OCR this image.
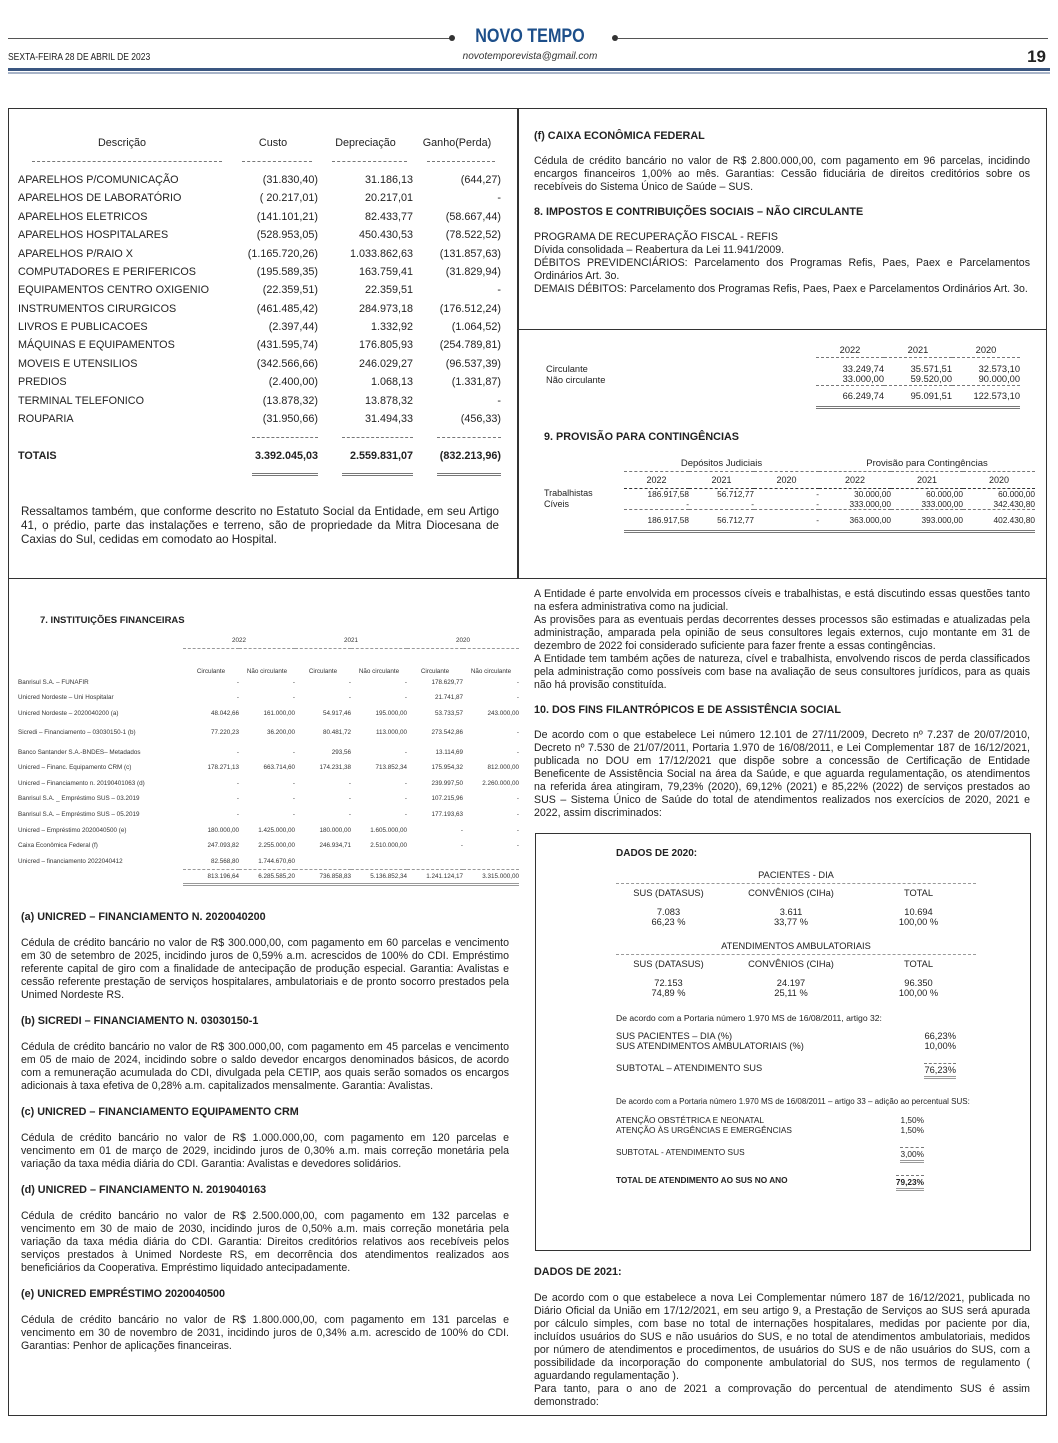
NOVO TEMPO
SEXTA-FEIRA 28 DE ABRIL DE 2023	novotemporevista@gmail.com	19
Descrição	Custo	Depreciação	Ganho(Perda)

APARELHOS P/COMUNICAÇÃO	(31.830,40)	31.186,13	(644,27)
APARELHOS DE LABORATÓRIO	( 20.217,01)	20.217,01	-
APARELHOS ELETRICOS	(141.101,21)	82.433,77	(58.667,44)
APARELHOS HOSPITALARES	(528.953,05)	450.430,53	(78.522,52)
APARELHOS P/RAIO X	(1.165.720,26)	1.033.862,63	(131.857,63)
COMPUTADORES E PERIFERICOS	(195.589,35)	163.759,41	(31.829,94)
EQUIPAMENTOS CENTRO OXIGENIO	(22.359,51)	22.359,51	-
INSTRUMENTOS CIRURGICOS	(461.485,42)	284.973,18	(176.512,24)
LIVROS E PUBLICACOES	(2.397,44)	1.332,92	(1.064,52)
MÁQUINAS E EQUIPAMENTOS	(431.595,74)	176.805,93	(254.789,81)
MOVEIS E UTENSILIOS	(342.566,66)	246.029,27	(96.537,39)
PREDIOS	(2.400,00)	1.068,13	(1.331,87)
TERMINAL TELEFONICO	(13.878,32)	13.878,32	-
ROUPARIA	(31.950,66)	31.494,33	(456,33)

TOTAIS	3.392.045,03	2.559.831,07	(832.213,96)

Ressaltamos também, que conforme descrito no Estatuto Social da Entidade, em seu Artigo 41, o prédio, parte das instalações e terreno, são de propriedade da Mitra Diocesana de Caxias do Sul, cedidas em comodato ao Hospital.

7. INSTITUIÇÕES FINANCEIRAS
	2022		2021		2020	
	Circulante	Não circulante	Circulante	Não circulante	Circulante	Não circulante
Banrisul S.A. – FUNAFIR	-	-	-	-	178.629,77	-
Unicred Nordeste – Uni Hospitalar	-	-	-	-	21.741,87	-
Unicred Nordeste – 2020040200 (a)	48.042,66	161.000,00	54.917,46	195.000,00	53.733,57	243.000,00
Sicredi – Financiamento – 03030150-1 (b)	77.220,23	36.200,00	80.481,72	113.000,00	273.542,86	-
Banco Santander S.A.-BNDES– Metadados	-	-	293,56	-	13.114,69	-
Unicred – Financ. Equipamento CRM (c)	178.271,13	663.714,60	174.231,38	713.852,34	175.954,32	812.000,00
Unicred – Financiamento n. 20190401063 (d)	-	-	-	-	239.997,50	2.260.000,00
Banrisul S.A. _ Empréstimo SUS – 03.2019	-	-	-	-	107.215,96	-
Banrisul S.A. – Empréstimo SUS – 05.2019	-	-	-	-	177.193,63	-
Unicred – Empréstimo 2020040500 (e)	180.000,00	1.425.000,00	180.000,00	1.605.000,00	-	-
Caixa Econômica Federal (f)	247.093,82	2.255.000,00	246.934,71	2.510.000,00	-	-
Unicred – financiamento 2022040412	82.568,80	1.744.670,60				
	813.196,64	6.285.585,20	736.858,83	5.136.852,34	1.241.124,17	3.315.000,00
(a) UNICRED – FINANCIAMENTO N. 2020040200

Cédula de crédito bancário no valor de R$ 300.000,00, com pagamento em 60 parcelas e vencimento em 30 de setembro de 2025, incidindo juros de 0,59% a.m. acrescidos de 100% do CDI. Empréstimo referente capital de giro com a finalidade de antecipação de produção especial. Garantia: Avalistas e cessão referente prestação de serviços hospitalares, ambulatoriais e de pronto socorro prestados pela Unimed Nordeste RS.

(b) SICREDI – FINANCIAMENTO N. 03030150-1

Cédula de crédito bancário no valor de R$ 300.000,00, com pagamento em 45 parcelas e vencimento em 05 de maio de 2024, incidindo sobre o saldo devedor encargos denominados básicos, de acordo com a remuneração acumulada do CDI, divulgada pela CETIP, aos quais serão somados os encargos adicionais à taxa efetiva de 0,28% a.m. capitalizados mensalmente. Garantia: Avalistas.

(c) UNICRED – FINANCIAMENTO EQUIPAMENTO CRM

Cédula de crédito bancário no valor de R$ 1.000.000,00, com pagamento em 120 parcelas e vencimento em 01 de março de 2029, incidindo juros de 0,30% a.m. mais correção monetária pela variação da taxa média diária do CDI. Garantia: Avalistas e devedores solidários.

(d) UNICRED – FINANCIAMENTO N. 2019040163

Cédula de crédito bancário no valor de R$ 2.500.000,00, com pagamento em 132 parcelas e vencimento em 30 de maio de 2030, incidindo juros de 0,50% a.m. mais correção monetária pela variação da taxa média diária do CDI. Garantia: Direitos creditórios relativos aos recebíveis pelos serviços prestados à Unimed Nordeste RS, em decorrência dos atendimentos realizados aos beneficiários da Cooperativa. Empréstimo liquidado antecipadamente.

(e) UNICRED EMPRÉSTIMO 2020040500

Cédula de crédito bancário no valor de R$ 1.800.000,00, com pagamento em 131 parcelas e vencimento em 30 de novembro de 2031, incidindo juros de 0,34% a.m. acrescido de 100% do CDI. Garantias: Penhor de aplicações financeiras.

(f) CAIXA ECONÔMICA FEDERAL

Cédula de crédito bancário no valor de R$ 2.800.000,00, com pagamento em 96 parcelas, incidindo encargos financeiros 1,00% ao mês. Garantias: Cessão fiduciária de direitos creditórios sobre os recebíveis do Sistema Único de Saúde – SUS.

8. IMPOSTOS E CONTRIBUIÇÕES SOCIAIS – NÃO CIRCULANTE

PROGRAMA DE RECUPERAÇÃO FISCAL - REFIS

Dívida consolidada – Reabertura da Lei 11.941/2009.

DÉBITOS PREVIDENCIÁRIOS: Parcelamento dos Programas Refis, Paes, Paex e Parcelamentos Ordinários Art. 3o.

DEMAIS DÉBITOS: Parcelamento dos Programas Refis, Paes, Paex e Parcelamentos Ordinários Art. 3o.

	2022	2021	2020

Circulante	33.249,74	35.571,51	32.573,10
Não circulante	33.000,00	59.520,00	90.000,00
	66.249,74	95.091,51	122.573,10
9. PROVISÃO PARA CONTINGÊNCIAS
	Depósitos Judiciais			Provisão para Contingências		
	2022	2021	2020	2022	2021	2020
Trabalhistas	186.917,58	56.712,77	-	30.000,00	60.000,00	60.000,00
Cíveis	-	-	-	333.000,00	333.000,00	342.430,80
	186.917,58	56.712,77	-	363.000,00	393.000,00	402.430,80

A Entidade é parte envolvida em processos cíveis e trabalhistas, e está discutindo essas questões tanto na esfera administrativa como na judicial.

As provisões para as eventuais perdas decorrentes desses processos são estimadas e atualizadas pela administração, amparada pela opinião de seus consultores legais externos, cujo montante em 31 de dezembro de 2022 foi considerado suficiente para fazer frente a essas contingências.

A Entidade tem também ações de natureza, cível e trabalhista, envolvendo riscos de perda classificados pela administração como possíveis com base na avaliação de seus consultores jurídicos, para as quais não há provisão constituída.

10. DOS FINS FILANTRÓPICOS E DE ASSISTÊNCIA SOCIAL

De acordo com o que estabelece Lei número 12.101 de 27/11/2009, Decreto nº 7.237 de 20/07/2010, Decreto nº 7.530 de 21/07/2011, Portaria 1.970 de 16/08/2011, e Lei Complementar 187 de 16/12/2021, publicada no DOU em 17/12/2021 que dispõe sobre a concessão de Certificação de Entidade Beneficente de Assistência Social na área da Saúde, e que aguarda regulamentação, os atendimentos na referida área atingiram, 79,23% (2020), 69,12% (2021) e 85,22% (2022) de serviços prestados ao SUS – Sistema Único de Saúde do total de atendimentos realizados nos exercícios de 2020, 2021 e 2022, assim discriminados:

DADOS DE 2020:
PACIENTES - DIA
SUS (DATASUS)	CONVÊNIOS (CIHa)	TOTAL
7.083	3.611	10.694
66,23 %	33,77 %	100,00 %
ATENDIMENTOS AMBULATORIAIS
SUS (DATASUS)	CONVÊNIOS (CIHa)	TOTAL
72.153	24.197	96.350
74,89 %	25,11 %	100,00 %
De acordo com a Portaria número 1.970 MS de 16/08/2011, artigo 32:
SUS PACIENTES – DIA (%)	66,23%
SUS ATENDIMENTOS AMBULATORIAIS (%)	10,00%
SUBTOTAL – ATENDIMENTO SUS	76,23%

De acordo com a Portaria número 1.970 MS de 16/08/2011 – artigo 33 – adição ao percentual SUS:

ATENÇÃO OBSTÉTRICA E NEONATAL	1,50%
ATENÇÃO ÀS URGÊNCIAS E EMERGÊNCIAS	1,50%
SUBTOTAL - ATENDIMENTO SUS	3,00%
TOTAL DE ATENDIMENTO AO SUS NO ANO	79,23%
DADOS DE 2021:

De acordo com o que estabelece a nova Lei Complementar número 187 de 16/12/2021, publicada no Diário Oficial da União em 17/12/2021, em seu artigo 9, a Prestação de Serviços ao SUS será apurada por cálculo simples, com base no total de internações hospitalares, medidas por paciente por dia, incluídos usuários do SUS e não usuários do SUS, e no total de atendimentos ambulatoriais, medidos por número de atendimentos e procedimentos, de usuários do SUS e de não usuários do SUS, com a possibilidade da incorporação do componente ambulatorial do SUS, nos termos de regulamento ( aguardando regulamentação ).

Para tanto, para o ano de 2021 a comprovação do percentual de atendimento SUS é assim demonstrado:
